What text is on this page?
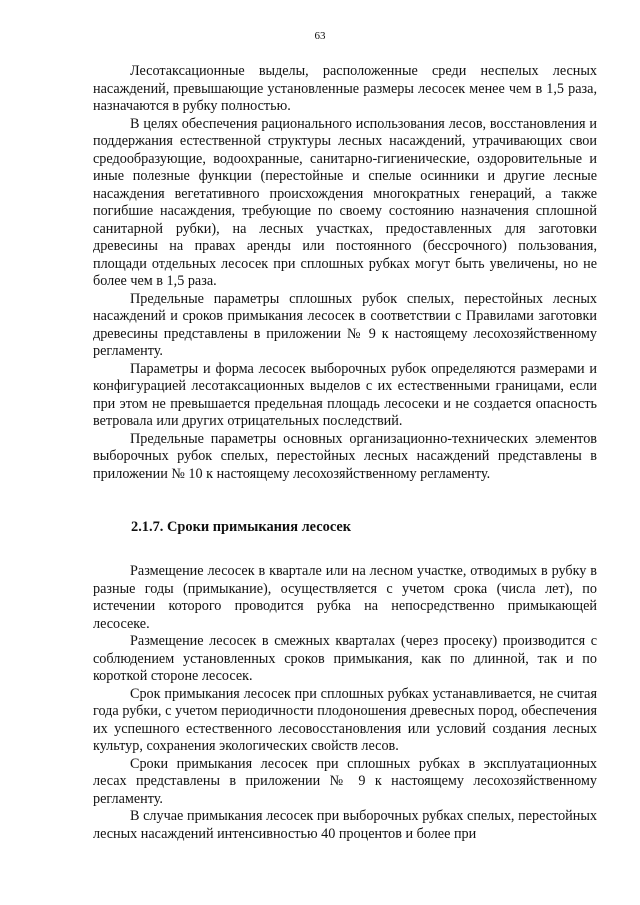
63

Лесотаксационные выделы, расположенные среди неспелых лесных насаждений, превышающие установленные размеры лесосек менее чем в 1,5 раза, назначаются в рубку полностью.

В целях обеспечения рационального использования лесов, восстановления и поддержания естественной структуры лесных насаждений, утрачивающих свои средообразующие, водоохранные, санитарно-гигиенические, оздоровительные и иные полезные функции (перестойные и спелые осинники и другие лесные насаждения вегетативного происхождения многократных генераций, а также погибшие насаждения, требующие по своему состоянию назначения сплошной санитарной рубки), на лесных участках, предоставленных для заготовки древесины на правах аренды или постоянного (бессрочного) пользования, площади отдельных лесосек при сплошных рубках могут быть увеличены, но не более чем в 1,5 раза.

Предельные параметры сплошных рубок спелых, перестойных лесных насаждений и сроков примыкания лесосек в соответствии с Правилами заготовки древесины представлены в приложении № 9 к настоящему лесохозяйственному регламенту.

Параметры и форма лесосек выборочных рубок определяются размерами и конфигурацией лесотаксационных выделов с их естественными границами, если при этом не превышается предельная площадь лесосеки и не создается опасность ветровала или других отрицательных последствий.

Предельные параметры основных организационно-технических элементов выборочных рубок спелых, перестойных лесных насаждений представлены в приложении № 10 к настоящему лесохозяйственному регламенту.

2.1.7. Сроки примыкания лесосек

Размещение лесосек в квартале или на лесном участке, отводимых в рубку в разные годы (примыкание), осуществляется с учетом срока (числа лет), по истечении которого проводится рубка на непосредственно примыкающей лесосеке.

Размещение лесосек в смежных кварталах (через просеку) производится с соблюдением установленных сроков примыкания, как по длинной, так и по короткой стороне лесосек.

Срок примыкания лесосек при сплошных рубках устанавливается, не считая года рубки, с учетом периодичности плодоношения древесных пород, обеспечения их успешного естественного лесовосстановления или условий создания лесных культур, сохранения экологических свойств лесов.

Сроки примыкания лесосек при сплошных рубках в эксплуатационных лесах представлены в приложении № 9 к настоящему лесохозяйственному регламенту.

В случае примыкания лесосек при выборочных рубках спелых, перестойных лесных насаждений интенсивностью 40 процентов и более при
